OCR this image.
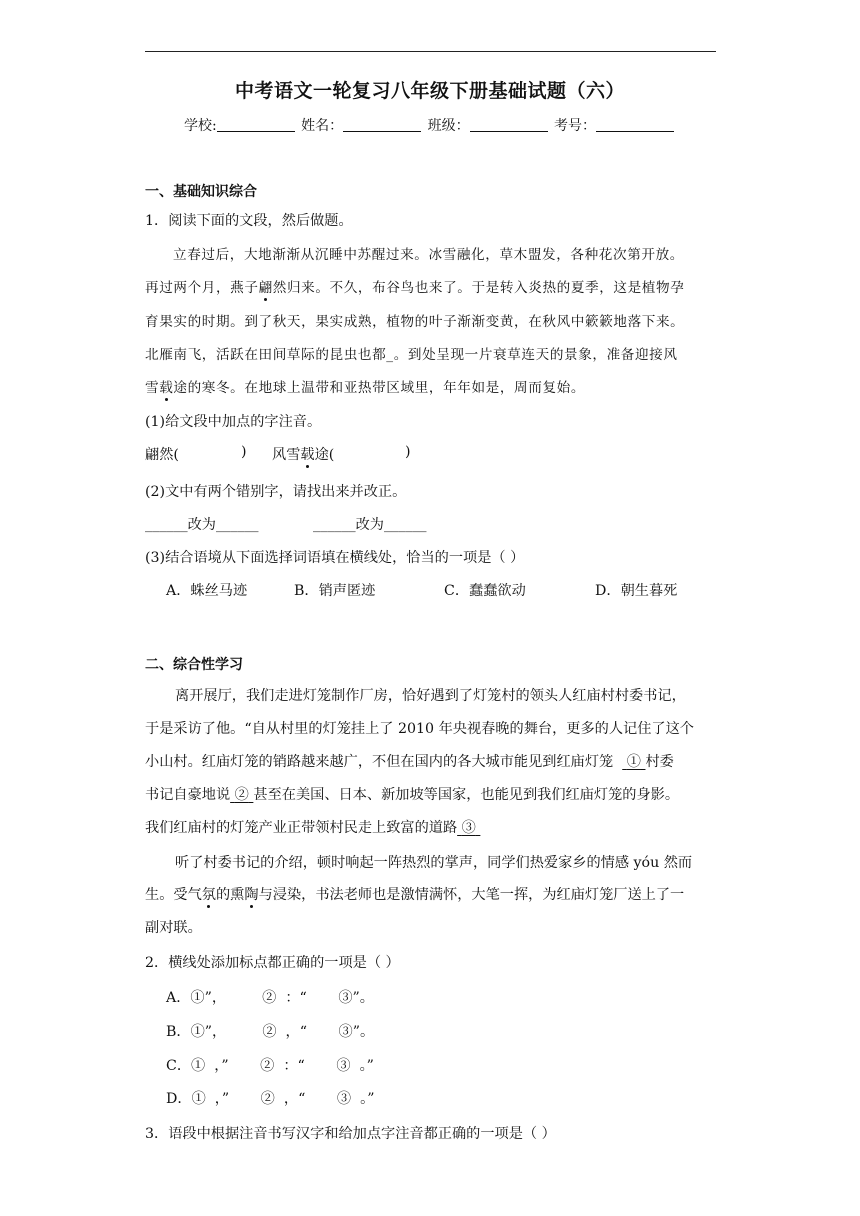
中考语文一轮复习八年级下册基础试题（六）
学校:	姓名：	班级：	考号：
一、基础知识综合
1．阅读下面的文段，然后做题。
立春过后，大地渐渐从沉睡中苏醒过来。冰雪融化，草木盟发，各种花次第开放。
再过两个月，燕子翩然归来。不久，布谷鸟也来了。于是转入炎热的夏季，这是植物孕
育果实的时期。到了秋天，果实成熟，植物的叶子渐渐变黄，在秋风中簌簌地落下来。
北雁南飞，活跃在田间草际的昆虫也都_。到处呈现一片衰草连天的景象，准备迎接风
雪载途的寒冬。在地球上温带和亚热带区域里，年年如是，周而复始。
(1)给文段中加点的字注音。
翩然(	) 风雪载途(	)
(2)文中有两个错别字，请找出来并改正。
______改为______	______改为______
(3)结合语境从下面选择词语填在横线处，恰当的一项是（ ）
A．蛛丝马迹	B．销声匿迹	C．蠢蠢欲动	D．朝生暮死
二、综合性学习
离开展厅，我们走进灯笼制作厂房，恰好遇到了灯笼村的领头人红庙村村委书记，
于是采访了他。“自从村里的灯笼挂上了 2010 年央视春晚的舞台，更多的人记住了这个
小山村。红庙灯笼的销路越来越广，不但在国内的各大城市能见到红庙灯笼 ① 村委
书记自豪地说 ② 甚至在美国、日本、新加坡等国家，也能见到我们红庙灯笼的身影。
我们红庙村的灯笼产业正带领村民走上致富的道路 ③
听了村委书记的介绍，顿时响起一阵热烈的掌声，同学们热爱家乡的情感 yóu 然而
生。受气氛的熏陶与浸染，书法老师也是激情满怀，大笔一挥，为红庙灯笼厂送上了一
副对联。
2．横线处添加标点都正确的一项是（ ）
A．①”，        ②  ：“       ③”。
B．①”，        ②  ，“       ③”。
C．①  ，”       ②  ：“       ③  。”
D．①  ，”       ②  ，“       ③  。”
3．语段中根据注音书写汉字和给加点字注音都正确的一项是（ ）
